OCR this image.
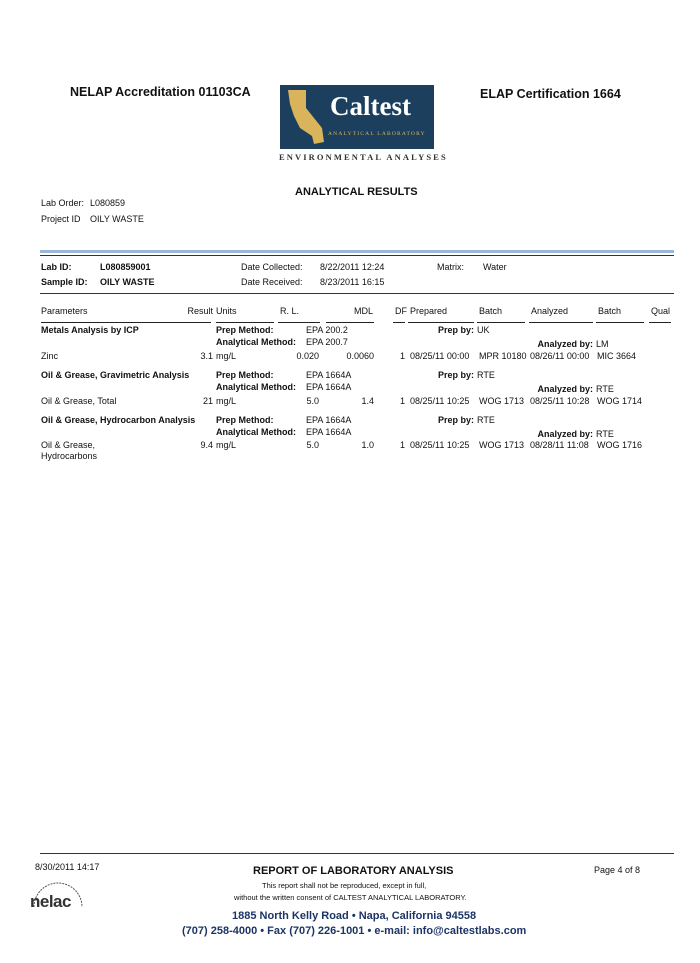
NELAP Accreditation 01103CA	ELAP Certification 1664
Caltest
ANALYTICAL LABORATORY
ENVIRONMENTAL ANALYSES
ANALYTICAL RESULTS
Lab Order: L080859
Project ID OILY WASTE
Lab ID:	L080859001
Sample ID: OILY WASTE
Date Collected: 8/22/2011 12:24
Date Received: 8/23/2011 16:15
Matrix: Water
Parameters	Result Units	R. L.	MDL DF Prepared	Batch	Analyzed	Batch	Qual
Metals Analysis by ICP	Prep Method:	EPA 200.2
Analytical Method: EPA 200.7
Prep by: UK
Analyzed by: LM
Zinc	3.1 mg/L	0.020	0.0060	1 08/25/11 00:00 MPR 10180 08/26/11 00:00 MIC 3664
Oil & Grease, Gravimetric Analysis	Prep Method:	EPA 1664A
Analytical Method: EPA 1664A
Prep by: RTE
Analyzed by: RTE
Oil & Grease, Total	21 mg/L	5.0	1.4	1 08/25/11 10:25 WOG 1713 08/25/11 10:28 WOG 1714
Oil & Grease, Hydrocarbon Analysis Prep Method:	EPA 1664A
Analytical Method: EPA 1664A
Prep by: RTE
Analyzed by: RTE
Oil & Grease,
Hydrocarbons
9.4 mg/L	5.0	1.0	1 08/25/11 10:25 WOG 1713 08/28/11 11:08 WOG 1716
8/30/2011 14:17	REPORT OF LABORATORY ANALYSIS	Page 4 of 8
This report shall not be reproduced, except in full,
without the written consent of CALTEST ANALYTICAL LABORATORY.
nelac
1885 North Kelly Road • Napa, California 94558
(707) 258-4000 • Fax (707) 226-1001 • e-mail: info@caltestlabs.com
